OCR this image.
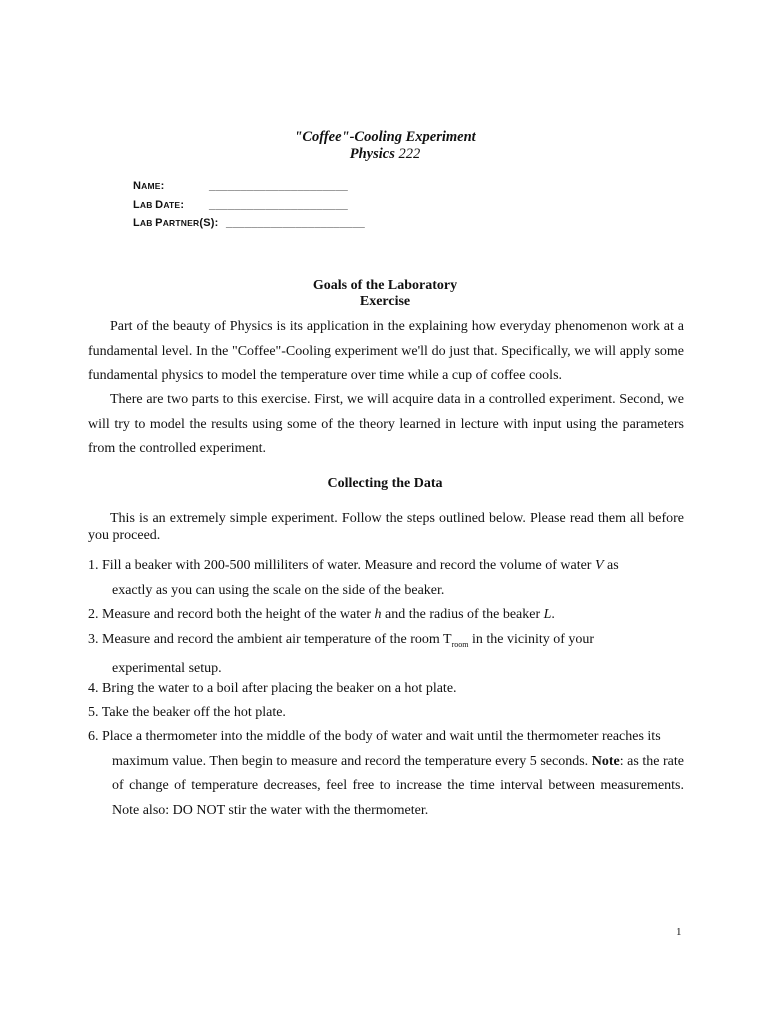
"Coffee"-Cooling Experiment
Physics 222
NAME:	______________________
LAB DATE: ______________________
LAB PARTNER(S): ______________________
Goals of the Laboratory
Exercise
Part of the beauty of Physics is its application in the explaining how everyday phenomenon work at a fundamental level. In the "Coffee"-Cooling experiment we'll do just that. Specifically, we will apply some fundamental physics to model the temperature over time while a cup of coffee cools.
There are two parts to this exercise. First, we will acquire data in a controlled experiment. Second, we will try to model the results using some of the theory learned in lecture with input using the parameters from the controlled experiment.
Collecting the Data
This is an extremely simple experiment. Follow the steps outlined below. Please read them all before you proceed.
1. Fill a beaker with 200-500 milliliters of water. Measure and record the volume of water V as
exactly as you can using the scale on the side of the beaker.
2. Measure and record both the height of the water h and the radius of the beaker L.
3. Measure and record the ambient air temperature of the room $T_{room}$ in the vicinity of your
experimental setup.
4. Bring the water to a boil after placing the beaker on a hot plate.
5. Take the beaker off the hot plate.
6. Place a thermometer into the middle of the body of water and wait until the thermometer reaches its
maximum value. Then begin to measure and record the temperature every 5 seconds. Note: as the rate of change of temperature decreases, feel free to increase the time interval between measurements. Note also: DO NOT stir the water with the thermometer.
1
